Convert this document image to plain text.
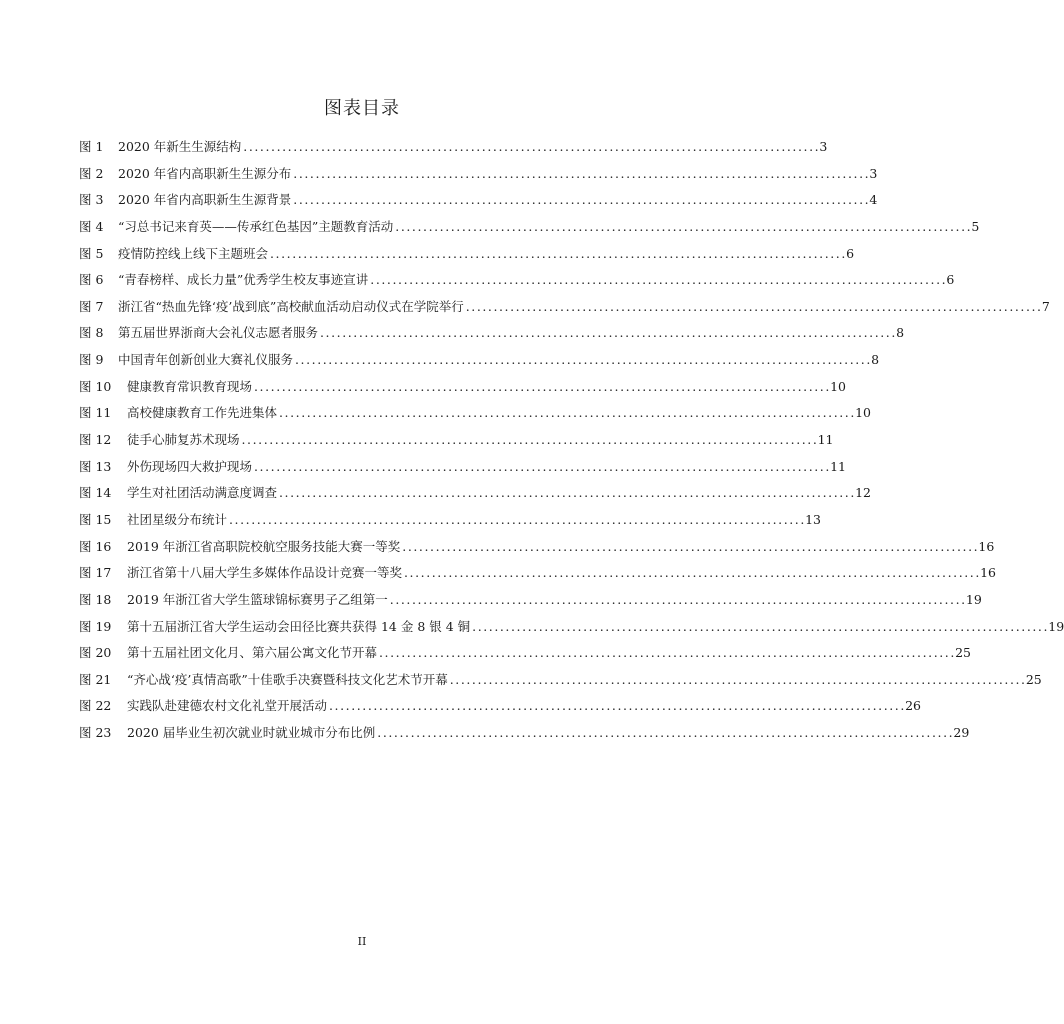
图表目录
图 1	2020 年新生生源结构 . . .	3
图 2	2020 年省内高职新生生源分布 . . .	3
图 3	2020 年省内高职新生生源背景 . . .	4
图 4	“习总书记来育英——传承红色基因”主题教育活动 . . .	5
图 5	疫情防控线上线下主题班会 . . .	6
图 6	“青春榜样、成长力量”优秀学生校友事迹宣讲 . . .	6
图 7	浙江省“热血先锋‘疫’战到底”高校献血活动启动仪式在学院举行 . . .	7
图 8	第五届世界浙商大会礼仪志愿者服务 . . .	8
图 9	中国青年创新创业大赛礼仪服务 . . .	8
图 10	健康教育常识教育现场 . . .	10
图 11	高校健康教育工作先进集体 . . .	10
图 12	徒手心肺复苏术现场 . . .	11
图 13	外伤现场四大救护现场 . . .	11
图 14	学生对社团活动满意度调查 . . .	12
图 15	社团星级分布统计 . . .	13
图 16	2019 年浙江省高职院校航空服务技能大赛一等奖 . . .	16
图 17	浙江省第十八届大学生多媒体作品设计竞赛一等奖 . . .	16
图 18	2019 年浙江省大学生篮球锦标赛男子乙组第一 . . .	19
图 19	第十五届浙江省大学生运动会田径比赛共获得 14 金 8 银 4 铜 . . .	19
图 20	第十五届社团文化月、第六届公寓文化节开幕 . . .	25
图 21	“齐心战‘疫’真情高歌”十佳歌手决赛暨科技文化艺术节开幕 . . .	25
图 22	实践队赴建德农村文化礼堂开展活动 . . .	26
图 23	2020 届毕业生初次就业时就业城市分布比例 . . .	29
II
